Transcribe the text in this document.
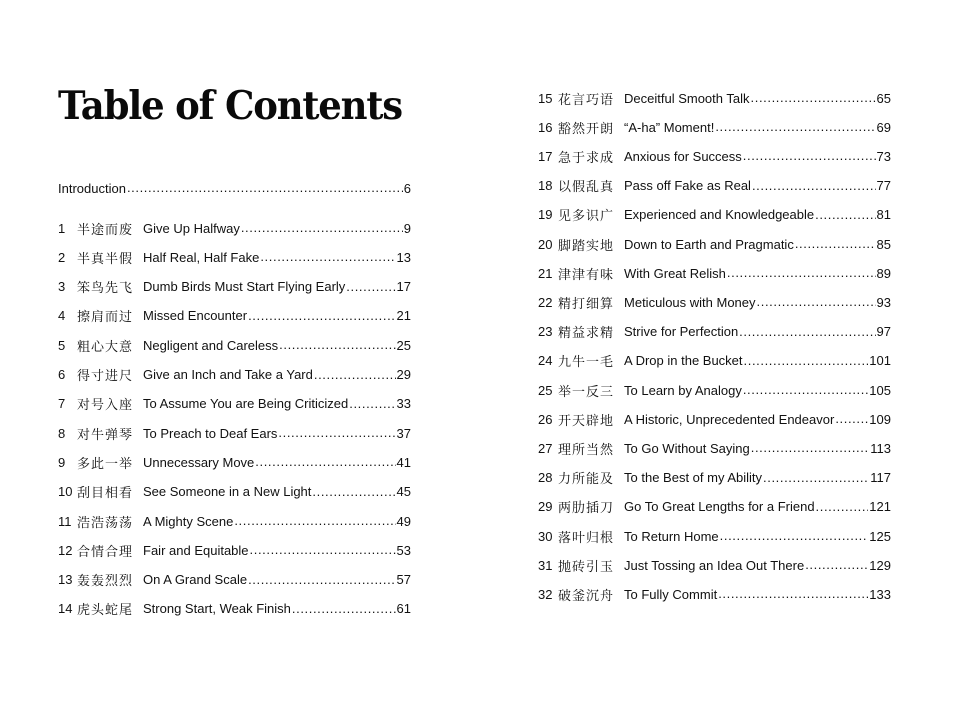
Table of Contents
Introduction .....	6
1 半途而废 Give Up Halfway .....	9
2 半真半假 Half Real, Half Fake .....	13
3 笨鸟先飞 Dumb Birds Must Start Flying Early .....	17
4 擦肩而过 Missed Encounter .....	21
5 粗心大意 Negligent and Careless .....	25
6 得寸进尺 Give an Inch and Take a Yard .....	29
7 对号入座 To Assume You are Being Criticized .....	33
8 对牛弹琴 To Preach to Deaf Ears .....	37
9 多此一举 Unnecessary Move .....	41
10 刮目相看 See Someone in a New Light .....	45
11 浩浩荡荡 A Mighty Scene .....	49
12 合情合理 Fair and Equitable .....	53
13 轰轰烈烈 On A Grand Scale .....	57
14 虎头蛇尾 Strong Start, Weak Finish .....	61
15 花言巧语 Deceitful Smooth Talk .....	65
16 豁然开朗 “A-ha” Moment! .....	69
17 急于求成 Anxious for Success .....	73
18 以假乱真 Pass off Fake as Real .....	77
19 见多识广 Experienced and Knowledgeable .....	81
20 脚踏实地 Down to Earth and Pragmatic .....	85
21 津津有味 With Great Relish .....	89
22 精打细算 Meticulous with Money .....	93
23 精益求精 Strive for Perfection .....	97
24 九牛一毛 A Drop in the Bucket .....	101
25 举一反三 To Learn by Analogy .....	105
26 开天辟地 A Historic, Unprecedented Endeavor .....	109
27 理所当然 To Go Without Saying .....	113
28 力所能及 To the Best of my Ability .....	117
29 两肋插刀 Go To Great Lengths for a Friend .....	121
30 落叶归根 To Return Home .....	125
31 抛砖引玉 Just Tossing an Idea Out There .....	129
32 破釜沉舟 To Fully Commit .....	133
